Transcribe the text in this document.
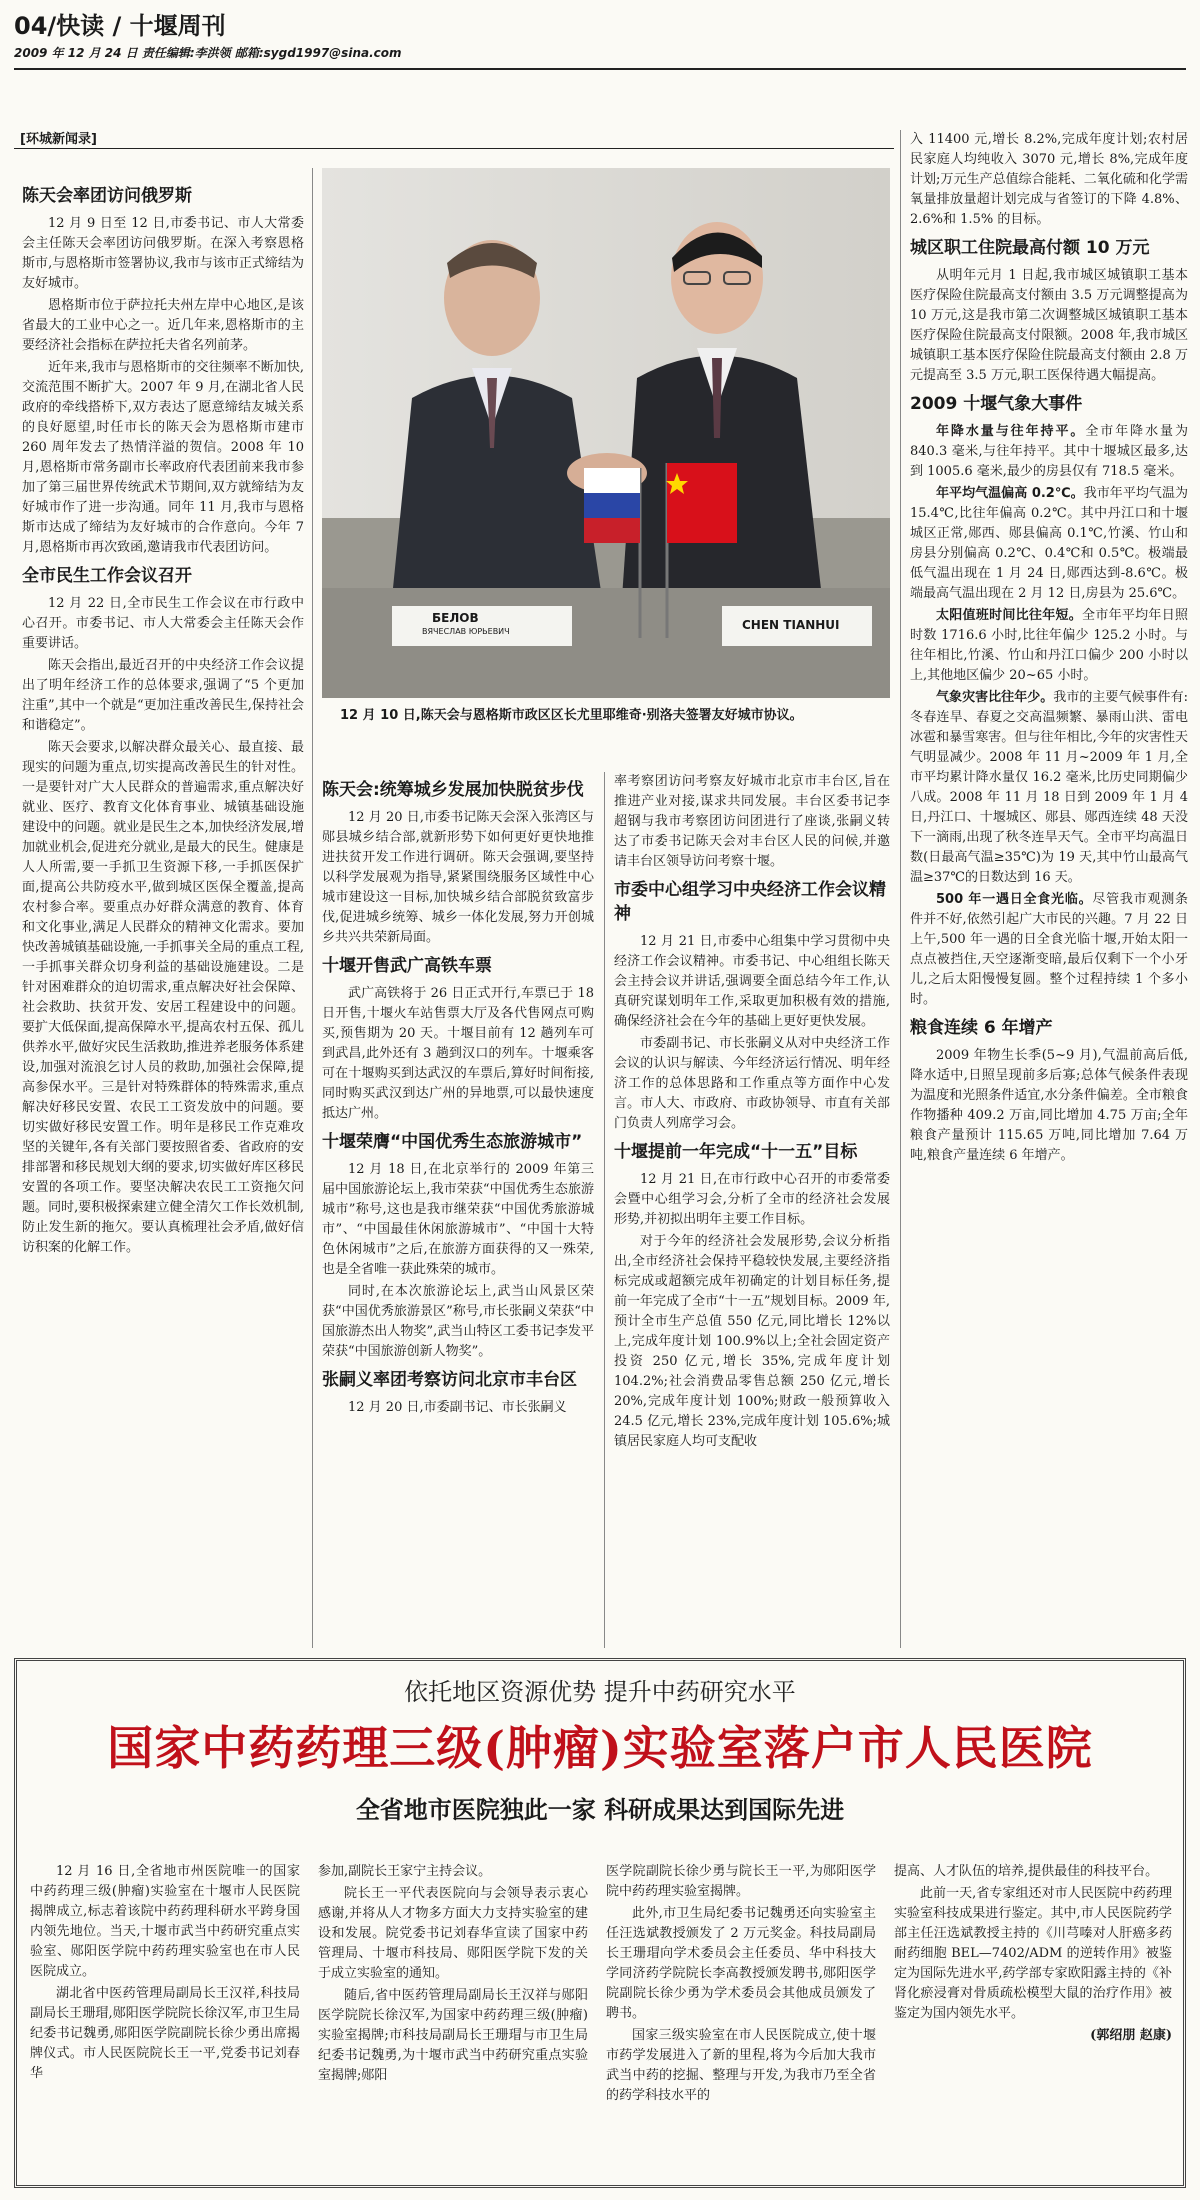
04/快读 / 十堰周刊
2009 年 12 月 24 日 责任编辑:李洪领 邮箱:sygd1997@sina.com
[环城新闻录]
陈天会率团访问俄罗斯

12 月 9 日至 12 日,市委书记、市人大常委会主任陈天会率团访问俄罗斯。在深入考察恩格斯市,与恩格斯市签署协议,我市与该市正式缔结为友好城市。

恩格斯市位于萨拉托夫州左岸中心地区,是该省最大的工业中心之一。近几年来,恩格斯市的主要经济社会指标在萨拉托夫省名列前茅。

近年来,我市与恩格斯市的交往频率不断加快,交流范围不断扩大。2007 年 9 月,在湖北省人民政府的牵线搭桥下,双方表达了愿意缔结友城关系的良好愿望,时任市长的陈天会为恩格斯市建市 260 周年发去了热情洋溢的贺信。2008 年 10 月,恩格斯市常务副市长率政府代表团前来我市参加了第三届世界传统武术节期间,双方就缔结为友好城市作了进一步沟通。同年 11 月,我市与恩格斯市达成了缔结为友好城市的合作意向。今年 7 月,恩格斯市再次致函,邀请我市代表团访问。

全市民生工作会议召开

12 月 22 日,全市民生工作会议在市行政中心召开。市委书记、市人大常委会主任陈天会作重要讲话。

陈天会指出,最近召开的中央经济工作会议提出了明年经济工作的总体要求,强调了“5 个更加注重”,其中一个就是“更加注重改善民生,保持社会和谐稳定”。

陈天会要求,以解决群众最关心、最直接、最现实的问题为重点,切实提高改善民生的针对性。一是要针对广大人民群众的普遍需求,重点解决好就业、医疗、教育文化体育事业、城镇基础设施建设中的问题。就业是民生之本,加快经济发展,增加就业机会,促进充分就业,是最大的民生。健康是人人所需,要一手抓卫生资源下移,一手抓医保扩面,提高公共防疫水平,做到城区医保全覆盖,提高农村参合率。要重点办好群众满意的教育、体育和文化事业,满足人民群众的精神文化需求。要加快改善城镇基础设施,一手抓事关全局的重点工程,一手抓事关群众切身利益的基础设施建设。二是针对困难群众的迫切需求,重点解决好社会保障、社会救助、扶贫开发、安居工程建设中的问题。要扩大低保面,提高保障水平,提高农村五保、孤儿供养水平,做好灾民生活救助,推进养老服务体系建设,加强对流浪乞讨人员的救助,加强社会保障,提高参保水平。三是针对特殊群体的特殊需求,重点解决好移民安置、农民工工资发放中的问题。要切实做好移民安置工作。明年是移民工作克难攻坚的关键年,各有关部门要按照省委、省政府的安排部署和移民规划大纲的要求,切实做好库区移民安置的各项工作。要坚决解决农民工工资拖欠问题。同时,要积极探索建立健全清欠工作长效机制,防止发生新的拖欠。要认真梳理社会矛盾,做好信访积案的化解工作。

БЕЛОВ
ВЯЧЕСЛАВ ЮРЬЕВИЧ	CHEN TIANHUI
12 月 10 日,陈天会与恩格斯市政区区长尤里耶维奇·别洛夫签署友好城市协议。
陈天会:统筹城乡发展加快脱贫步伐

12 月 20 日,市委书记陈天会深入张湾区与郧县城乡结合部,就新形势下如何更好更快地推进扶贫开发工作进行调研。陈天会强调,要坚持以科学发展观为指导,紧紧围绕服务区域性中心城市建设这一目标,加快城乡结合部脱贫致富步伐,促进城乡统筹、城乡一体化发展,努力开创城乡共兴共荣新局面。

十堰开售武广高铁车票

武广高铁将于 26 日正式开行,车票已于 18 日开售,十堰火车站售票大厅及各代售网点可购买,预售期为 20 天。十堰目前有 12 趟列车可到武昌,此外还有 3 趟到汉口的列车。十堰乘客可在十堰购买到达武汉的车票后,算好时间衔接,同时购买武汉到达广州的异地票,可以最快速度抵达广州。

十堰荣膺“中国优秀生态旅游城市”

12 月 18 日,在北京举行的 2009 年第三届中国旅游论坛上,我市荣获“中国优秀生态旅游城市”称号,这也是我市继荣获“中国优秀旅游城市”、“中国最佳休闲旅游城市”、“中国十大特色休闲城市”之后,在旅游方面获得的又一殊荣,也是全省唯一获此殊荣的城市。

同时,在本次旅游论坛上,武当山风景区荣获“中国优秀旅游景区”称号,市长张嗣义荣获“中国旅游杰出人物奖”,武当山特区工委书记李发平荣获“中国旅游创新人物奖”。

张嗣义率团考察访问北京市丰台区

12 月 20 日,市委副书记、市长张嗣义

率考察团访问考察友好城市北京市丰台区,旨在推进产业对接,谋求共同发展。丰台区委书记李超钢与我市考察团访问团进行了座谈,张嗣义转达了市委书记陈天会对丰台区人民的问候,并邀请丰台区领导访问考察十堰。

市委中心组学习中央经济工作会议精神

12 月 21 日,市委中心组集中学习贯彻中央经济工作会议精神。市委书记、中心组组长陈天会主持会议并讲话,强调要全面总结今年工作,认真研究谋划明年工作,采取更加积极有效的措施,确保经济社会在今年的基础上更好更快发展。

市委副书记、市长张嗣义从对中央经济工作会议的认识与解读、今年经济运行情况、明年经济工作的总体思路和工作重点等方面作中心发言。市人大、市政府、市政协领导、市直有关部门负责人列席学习会。

十堰提前一年完成“十一五”目标

12 月 21 日,在市行政中心召开的市委常委会暨中心组学习会,分析了全市的经济社会发展形势,并初拟出明年主要工作目标。

对于今年的经济社会发展形势,会议分析指出,全市经济社会保持平稳较快发展,主要经济指标完成或超额完成年初确定的计划目标任务,提前一年完成了全市“十一五”规划目标。2009 年,预计全市生产总值 550 亿元,同比增长 12%以上,完成年度计划 100.9%以上;全社会固定资产投资 250 亿元,增长 35%,完成年度计划 104.2%;社会消费品零售总额 250 亿元,增长 20%,完成年度计划 100%;财政一般预算收入 24.5 亿元,增长 23%,完成年度计划 105.6%;城镇居民家庭人均可支配收

入 11400 元,增长 8.2%,完成年度计划;农村居民家庭人均纯收入 3070 元,增长 8%,完成年度计划;万元生产总值综合能耗、二氧化硫和化学需氧量排放量超计划完成与省签订的下降 4.8%、2.6%和 1.5% 的目标。

城区职工住院最高付额 10 万元

从明年元月 1 日起,我市城区城镇职工基本医疗保险住院最高支付额由 3.5 万元调整提高为 10 万元,这是我市第二次调整城区城镇职工基本医疗保险住院最高支付限额。2008 年,我市城区城镇职工基本医疗保险住院最高支付额由 2.8 万元提高至 3.5 万元,职工医保待遇大幅提高。

2009 十堰气象大事件

年降水量与往年持平。全市年降水量为 840.3 毫米,与往年持平。其中十堰城区最多,达到 1005.6 毫米,最少的房县仅有 718.5 毫米。

年平均气温偏高 0.2℃。我市年平均气温为 15.4℃,比往年偏高 0.2℃。其中丹江口和十堰城区正常,郧西、郧县偏高 0.1℃,竹溪、竹山和房县分别偏高 0.2℃、0.4℃和 0.5℃。极端最低气温出现在 1 月 24 日,郧西达到-8.6℃。极端最高气温出现在 2 月 12 日,房县为 25.6℃。

太阳值班时间比往年短。全市年平均年日照时数 1716.6 小时,比往年偏少 125.2 小时。与往年相比,竹溪、竹山和丹江口偏少 200 小时以上,其他地区偏少 20~65 小时。

气象灾害比往年少。我市的主要气候事件有:冬春连旱、春夏之交高温频繁、暴雨山洪、雷电冰雹和暴雪寒害。但与往年相比,今年的灾害性天气明显减少。2008 年 11 月~2009 年 1 月,全市平均累计降水量仅 16.2 毫米,比历史同期偏少八成。2008 年 11 月 18 日到 2009 年 1 月 4 日,丹江口、十堰城区、郧县、郧西连续 48 天没下一滴雨,出现了秋冬连旱天气。全市平均高温日数(日最高气温≥35℃)为 19 天,其中竹山最高气温≥37℃的日数达到 16 天。

500 年一遇日全食光临。尽管我市观测条件并不好,依然引起广大市民的兴趣。7 月 22 日上午,500 年一遇的日全食光临十堰,开始太阳一点点被挡住,天空逐渐变暗,最后仅剩下一个小牙儿,之后太阳慢慢复圆。整个过程持续 1 个多小时。

粮食连续 6 年增产

2009 年物生长季(5~9 月),气温前高后低,降水适中,日照呈现前多后寡;总体气候条件表现为温度和光照条件适宜,水分条件偏差。全市粮食作物播种 409.2 万亩,同比增加 4.75 万亩;全年粮食产量预计 115.65 万吨,同比增加 7.64 万吨,粮食产量连续 6 年增产。

依托地区资源优势 提升中药研究水平
国家中药药理三级(肿瘤)实验室落户市人民医院
全省地市医院独此一家 科研成果达到国际先进

12 月 16 日,全省地市州医院唯一的国家中药药理三级(肿瘤)实验室在十堰市人民医院揭牌成立,标志着该院中药药理科研水平跨身国内领先地位。当天,十堰市武当中药研究重点实验室、郧阳医学院中药药理实验室也在市人民医院成立。

湖北省中医药管理局副局长王汉祥,科技局副局长王珊瑁,郧阳医学院院长徐汉军,市卫生局纪委书记魏勇,郧阳医学院副院长徐少勇出席揭牌仪式。市人民医院院长王一平,党委书记刘春华

参加,副院长王家宁主持会议。

院长王一平代表医院向与会领导表示衷心感谢,并将从人才物多方面大力支持实验室的建设和发展。院党委书记刘春华宣读了国家中药管理局、十堰市科技局、郧阳医学院下发的关于成立实验室的通知。

随后,省中医药管理局副局长王汉祥与郧阳医学院院长徐汉军,为国家中药药理三级(肿瘤)实验室揭牌;市科技局副局长王珊瑁与市卫生局纪委书记魏勇,为十堰市武当中药研究重点实验室揭牌;郧阳

医学院副院长徐少勇与院长王一平,为郧阳医学院中药药理实验室揭牌。

此外,市卫生局纪委书记魏勇还向实验室主任汪选斌教授颁发了 2 万元奖金。科技局副局长王珊瑁向学术委员会主任委员、华中科技大学同济药学院院长李高教授颁发聘书,郧阳医学院副院长徐少勇为学术委员会其他成员颁发了聘书。

国家三级实验室在市人民医院成立,使十堰市药学发展进入了新的里程,将为今后加大我市武当中药的挖掘、整理与开发,为我市乃至全省的药学科技水平的

提高、人才队伍的培养,提供最佳的科技平台。

此前一天,省专家组还对市人民医院中药药理实验室科技成果进行鉴定。其中,市人民医院药学部主任汪选斌教授主持的《川芎嗪对人肝癌多药耐药细胞 BEL—7402/ADM 的逆转作用》被鉴定为国际先进水平,药学部专家欧阳露主持的《补肾化瘀浸膏对骨质疏松模型大鼠的治疗作用》被鉴定为国内领先水平。

(郭绍朋 赵康)
